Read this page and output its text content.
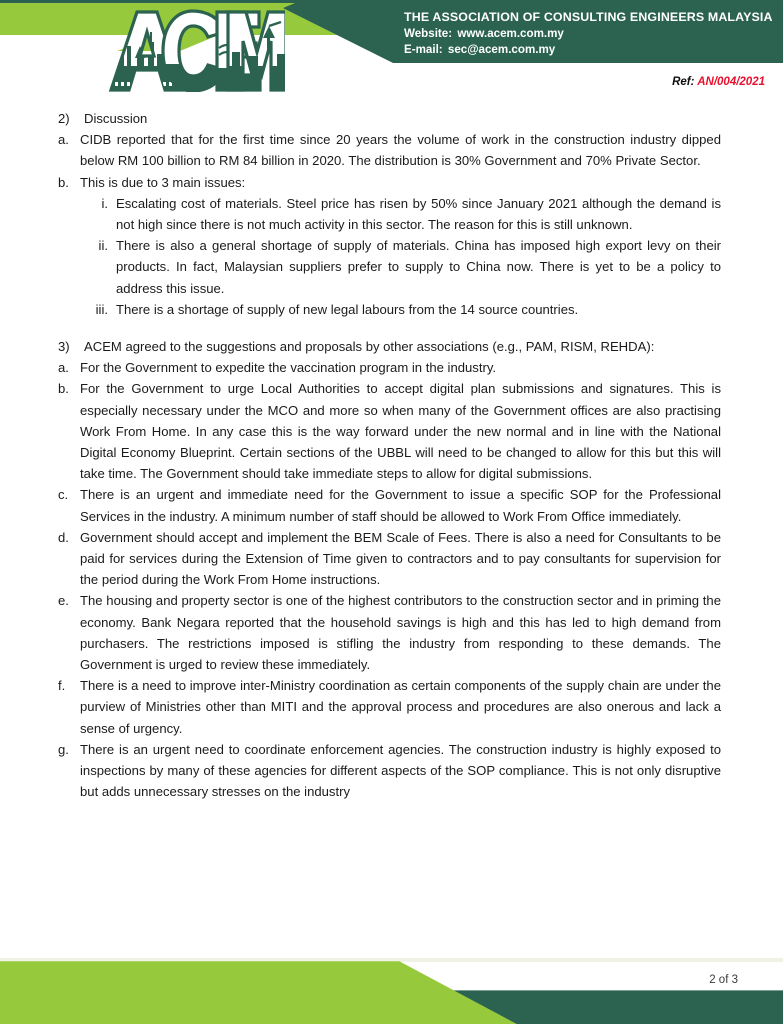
THE ASSOCIATION OF CONSULTING ENGINEERS MALAYSIA
Website: www.acem.com.my
E-mail: sec@acem.com.my
Ref: AN/004/2021
2)	Discussion
a. CIDB reported that for the first time since 20 years the volume of work in the construction industry dipped below RM 100 billion to RM 84 billion in 2020. The distribution is 30% Government and 70% Private Sector.
b. This is due to 3 main issues:
i. Escalating cost of materials. Steel price has risen by 50% since January 2021 although the demand is not high since there is not much activity in this sector. The reason for this is still unknown.
ii. There is also a general shortage of supply of materials. China has imposed high export levy on their products. In fact, Malaysian suppliers prefer to supply to China now. There is yet to be a policy to address this issue.
iii. There is a shortage of supply of new legal labours from the 14 source countries.
3)	ACEM agreed to the suggestions and proposals by other associations (e.g., PAM, RISM, REHDA):
a. For the Government to expedite the vaccination program in the industry.
b. For the Government to urge Local Authorities to accept digital plan submissions and signatures. This is especially necessary under the MCO and more so when many of the Government offices are also practising Work From Home. In any case this is the way forward under the new normal and in line with the National Digital Economy Blueprint. Certain sections of the UBBL will need to be changed to allow for this but this will take time. The Government should take immediate steps to allow for digital submissions.
c. There is an urgent and immediate need for the Government to issue a specific SOP for the Professional Services in the industry. A minimum number of staff should be allowed to Work From Office immediately.
d. Government should accept and implement the BEM Scale of Fees. There is also a need for Consultants to be paid for services during the Extension of Time given to contractors and to pay consultants for supervision for the period during the Work From Home instructions.
e. The housing and property sector is one of the highest contributors to the construction sector and in priming the economy. Bank Negara reported that the household savings is high and this has led to high demand from purchasers. The restrictions imposed is stifling the industry from responding to these demands. The Government is urged to review these immediately.
f.	There is a need to improve inter-Ministry coordination as certain components of the supply chain are under the purview of Ministries other than MITI and the approval process and procedures are also onerous and lack a sense of urgency.
g. There is an urgent need to coordinate enforcement agencies. The construction industry is highly exposed to inspections by many of these agencies for different aspects of the SOP compliance. This is not only disruptive but adds unnecessary stresses on the industry
2 of 3
